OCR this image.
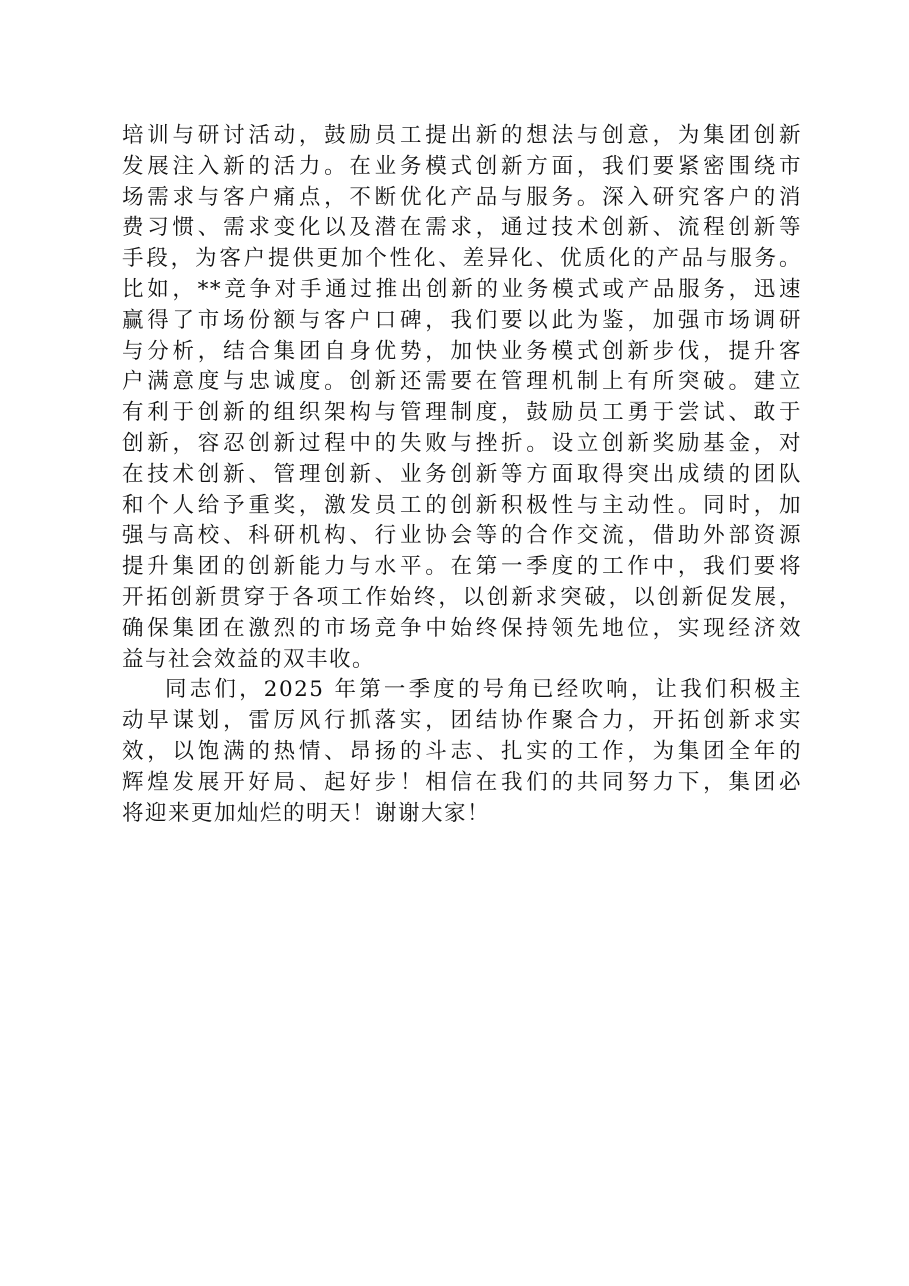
培训与研讨活动，鼓励员工提出新的想法与创意，为集团创新
发展注入新的活力。在业务模式创新方面，我们要紧密围绕市
场需求与客户痛点，不断优化产品与服务。深入研究客户的消
费习惯、需求变化以及潜在需求，通过技术创新、流程创新等
手段，为客户提供更加个性化、差异化、优质化的产品与服务。
比如，**竞争对手通过推出创新的业务模式或产品服务，迅速
赢得了市场份额与客户口碑，我们要以此为鉴，加强市场调研
与分析，结合集团自身优势，加快业务模式创新步伐，提升客
户满意度与忠诚度。创新还需要在管理机制上有所突破。建立
有利于创新的组织架构与管理制度，鼓励员工勇于尝试、敢于
创新，容忍创新过程中的失败与挫折。设立创新奖励基金，对
在技术创新、管理创新、业务创新等方面取得突出成绩的团队
和个人给予重奖，激发员工的创新积极性与主动性。同时，加
强与高校、科研机构、行业协会等的合作交流，借助外部资源
提升集团的创新能力与水平。在第一季度的工作中，我们要将
开拓创新贯穿于各项工作始终，以创新求突破，以创新促发展，
确保集团在激烈的市场竞争中始终保持领先地位，实现经济效
益与社会效益的双丰收。
同志们，2025 年第一季度的号角已经吹响，让我们积极主
动早谋划，雷厉风行抓落实，团结协作聚合力，开拓创新求实
效，以饱满的热情、昂扬的斗志、扎实的工作，为集团全年的
辉煌发展开好局、起好步！相信在我们的共同努力下，集团必
将迎来更加灿烂的明天！谢谢大家！
